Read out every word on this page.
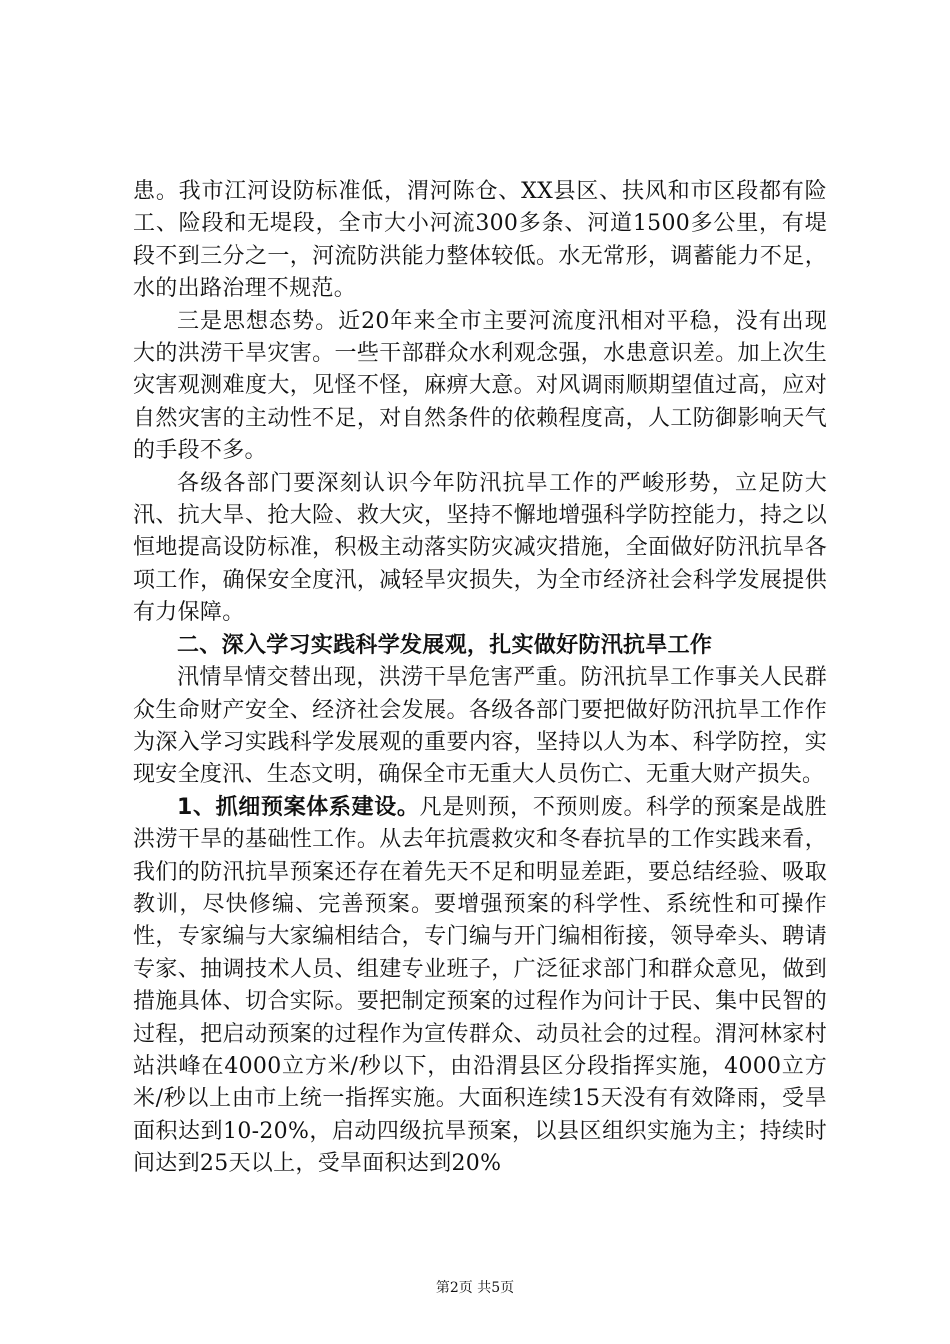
患。我市江河设防标准低，渭河陈仓、XX县区、扶风和市区段都有险工、险段和无堤段，全市大小河流300多条、河道1500多公里，有堤段不到三分之一，河流防洪能力整体较低。水无常形，调蓄能力不足，水的出路治理不规范。

三是思想态势。近20年来全市主要河流度汛相对平稳，没有出现大的洪涝干旱灾害。一些干部群众水利观念强，水患意识差。加上次生灾害观测难度大，见怪不怪，麻痹大意。对风调雨顺期望值过高，应对自然灾害的主动性不足，对自然条件的依赖程度高，人工防御影响天气的手段不多。

各级各部门要深刻认识今年防汛抗旱工作的严峻形势，立足防大汛、抗大旱、抢大险、救大灾，坚持不懈地增强科学防控能力，持之以恒地提高设防标准，积极主动落实防灾减灾措施，全面做好防汛抗旱各项工作，确保安全度汛，减轻旱灾损失，为全市经济社会科学发展提供有力保障。

二、深入学习实践科学发展观，扎实做好防汛抗旱工作

汛情旱情交替出现，洪涝干旱危害严重。防汛抗旱工作事关人民群众生命财产安全、经济社会发展。各级各部门要把做好防汛抗旱工作作为深入学习实践科学发展观的重要内容，坚持以人为本、科学防控，实现安全度汛、生态文明，确保全市无重大人员伤亡、无重大财产损失。

1、抓细预案体系建设。凡是则预，不预则废。科学的预案是战胜洪涝干旱的基础性工作。从去年抗震救灾和冬春抗旱的工作实践来看，我们的防汛抗旱预案还存在着先天不足和明显差距，要总结经验、吸取教训，尽快修编、完善预案。要增强预案的科学性、系统性和可操作性，专家编与大家编相结合，专门编与开门编相衔接，领导牵头、聘请专家、抽调技术人员、组建专业班子，广泛征求部门和群众意见，做到措施具体、切合实际。要把制定预案的过程作为问计于民、集中民智的过程，把启动预案的过程作为宣传群众、动员社会的过程。渭河林家村站洪峰在4000立方米/秒以下，由沿渭县区分段指挥实施，4000立方米/秒以上由市上统一指挥实施。大面积连续15天没有有效降雨，受旱面积达到10-20%，启动四级抗旱预案，以县区组织实施为主；持续时间达到25天以上，受旱面积达到20%

第2页 共5页
